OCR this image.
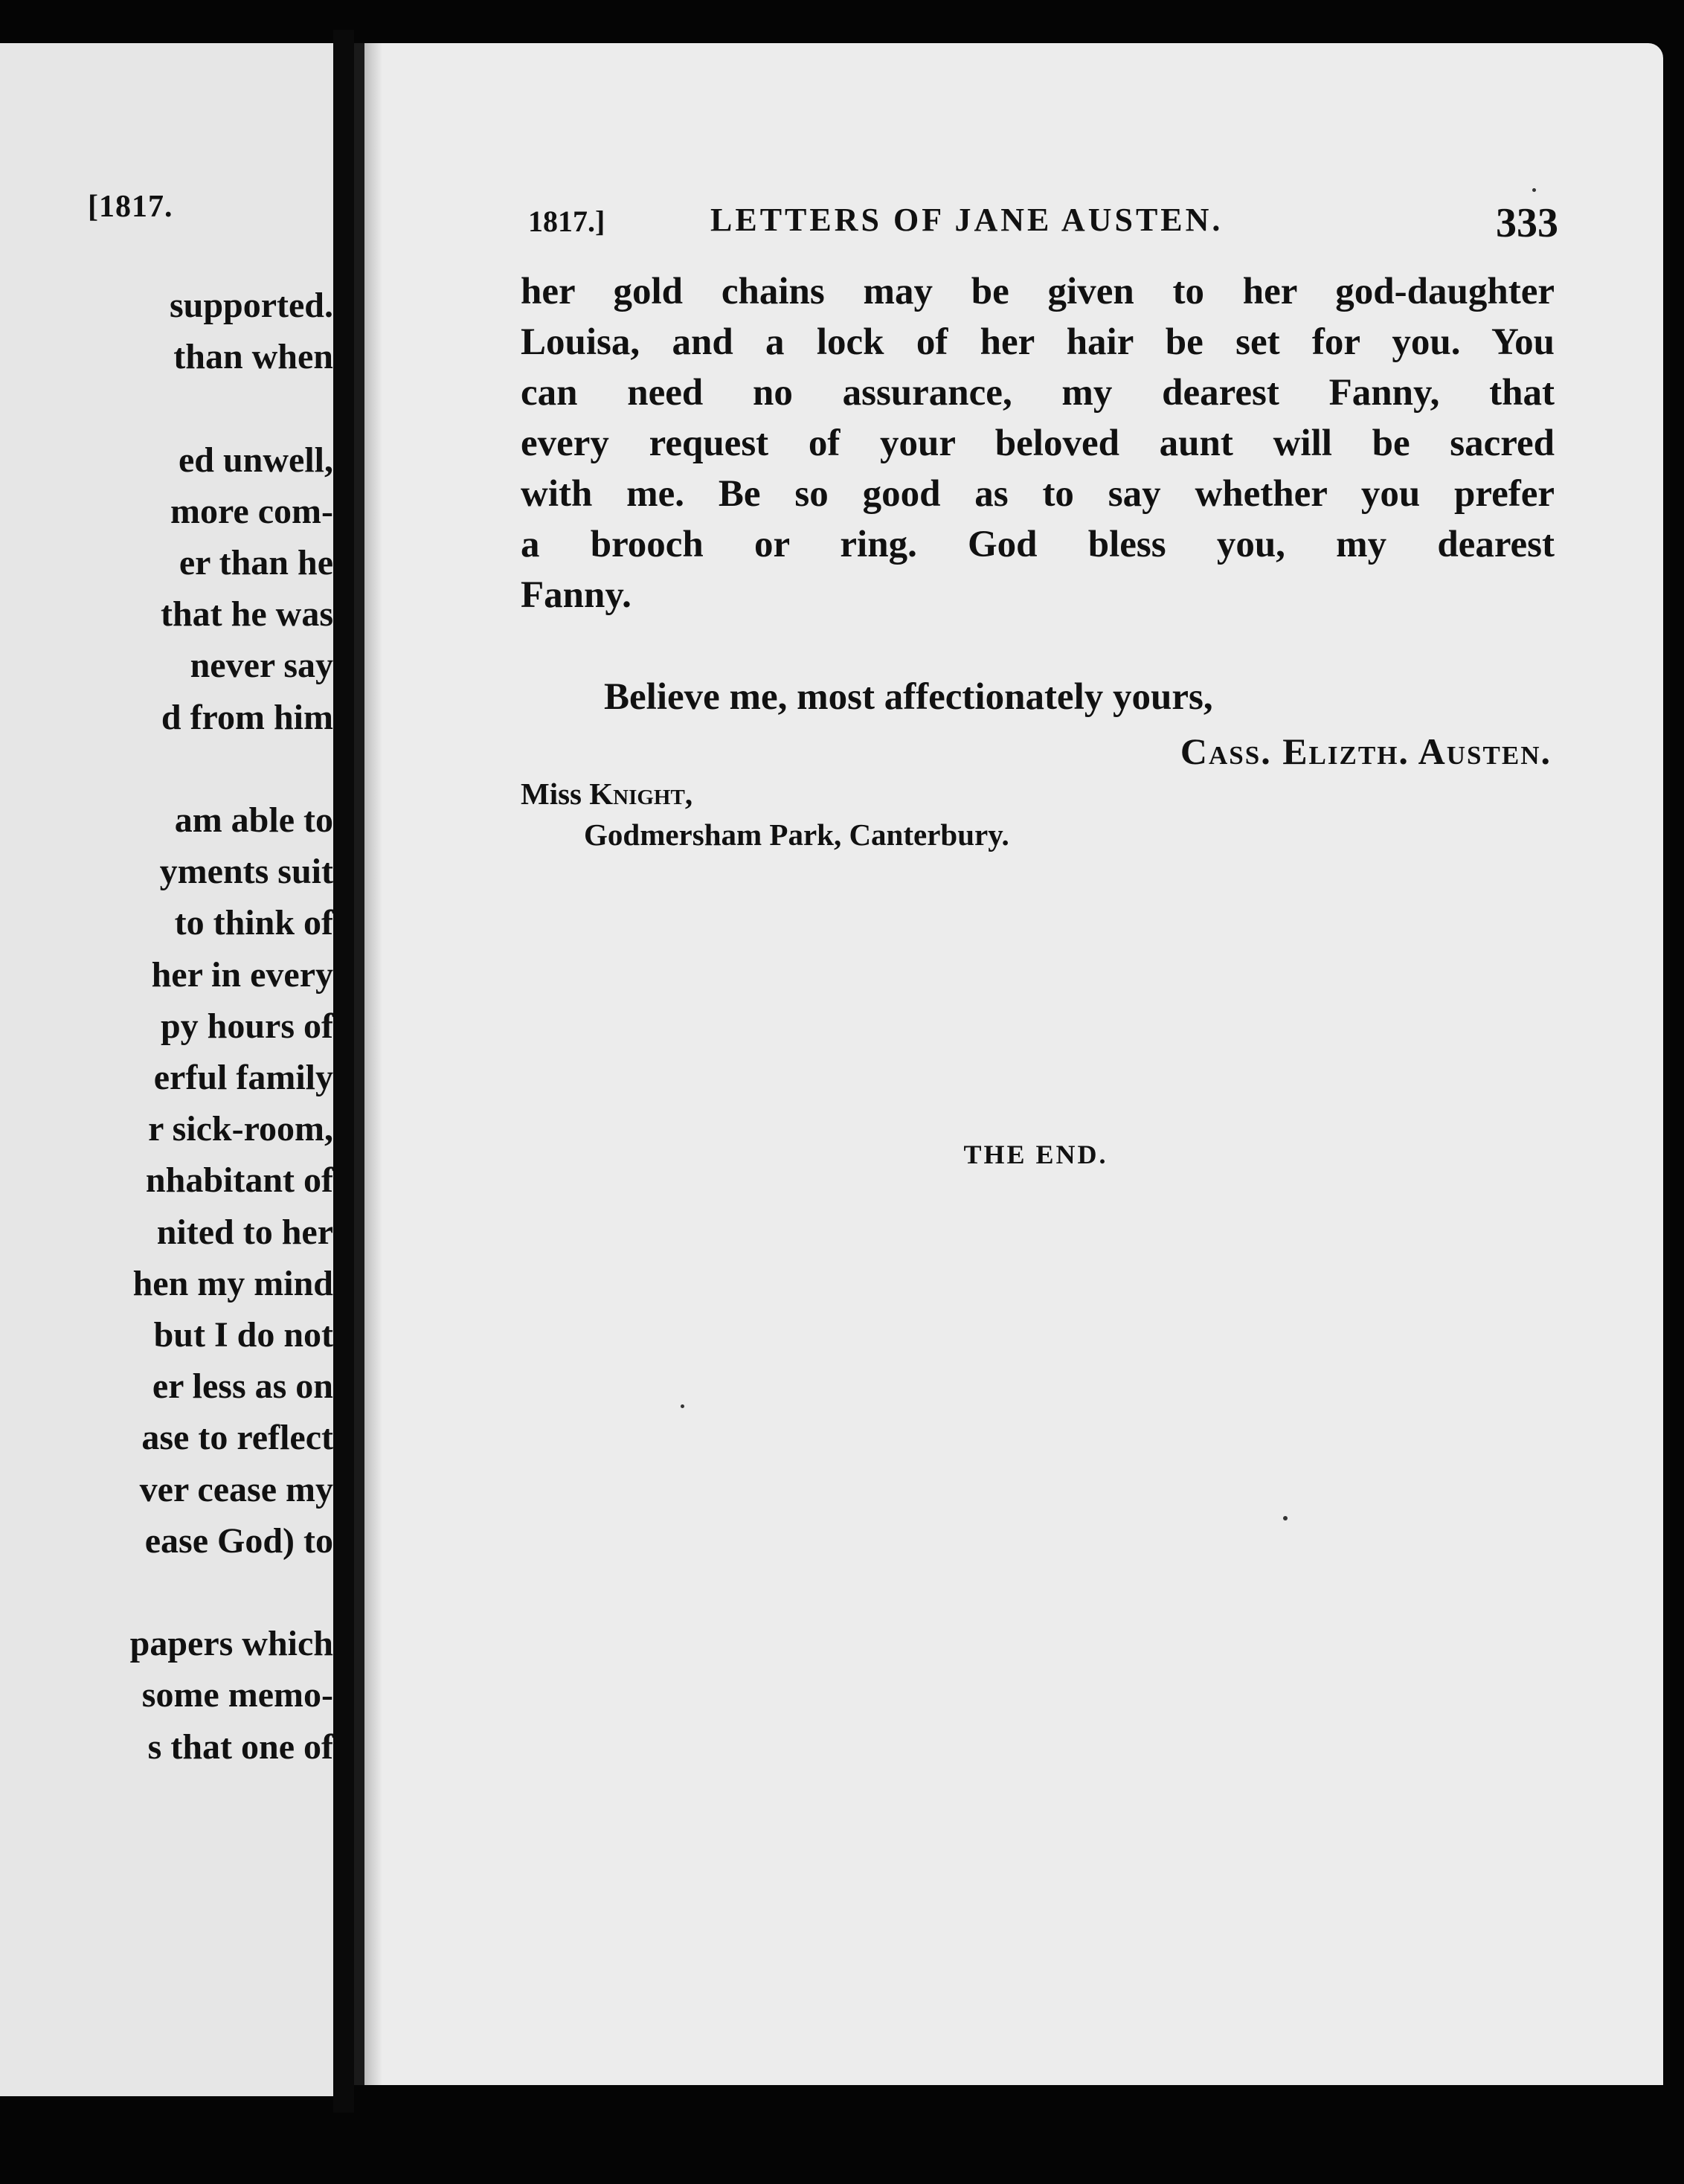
[1817.
supported.
than when
ed unwell,
more com-
er than he
that he was
never say
d from him
am able to
yments suit
to think of
her in every
py hours of
erful family
r sick-room,
nhabitant of
nited to her
hen my mind
but I do not
er less as on
ase to reflect
ver cease my
ease God) to
papers which
some memo-
s that one of
1817.]	LETTERS OF JANE AUSTEN.	333
her gold chains may be given to her god-daughter
Louisa, and a lock of her hair be set for you. You
can need no assurance, my dearest Fanny, that
every request of your beloved aunt will be sacred
with me. Be so good as to say whether you prefer
a brooch or ring. God bless you, my dearest
Fanny.
Believe me, most affectionately yours,
Cass. Elizth. Austen.
Miss Knight,
Godmersham Park, Canterbury.
THE END.
